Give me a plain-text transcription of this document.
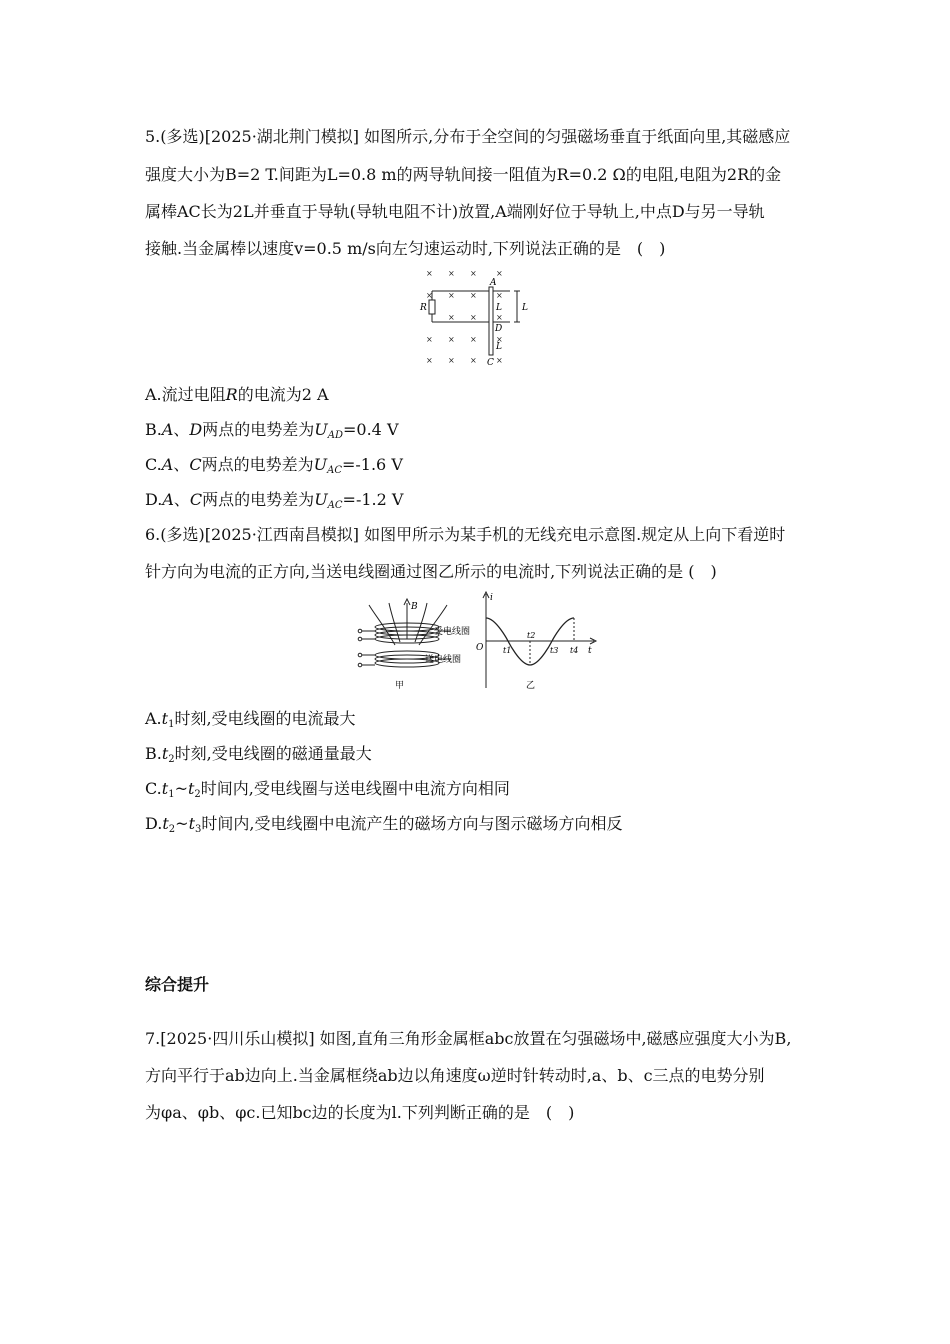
5.(多选)[2025·湖北荆门模拟] 如图所示,分布于全空间的匀强磁场垂直于纸面向里,其磁感应
强度大小为B=2 T.间距为L=0.8 m的两导轨间接一阻值为R=0.2 Ω的电阻,电阻为2R的金
属棒AC长为2L并垂直于导轨(导轨电阻不计)放置,A端刚好位于导轨上,中点D与另一导轨
接触.当金属棒以速度v=0.5 m/s向左匀速运动时,下列说法正确的是　(　)
× × × ×
× ×
×
× ×
× × ×
× × × ×
×
×
×
R
A
D
C
L
L
L
A.流过电阻R的电流为2 A
B.A、D两点的电势差为$U_{AD}=0.4$ V
C.A、C两点的电势差为$U_{AC}=-1.6$ V
D.A、C两点的电势差为$U_{AC}=-1.2$ V
6.(多选)[2025·江西南昌模拟] 如图甲所示为某手机的无线充电示意图.规定从上向下看逆时
针方向为电流的正方向,当送电线圈通过图乙所示的电流时,下列说法正确的是 (　)
B
受电线圈
送电线圈
甲
i
t
O t1
t2
t3 t4
乙
$A.t_1$时刻,受电线圈的电流最大
$B.t_2$时刻,受电线圈的磁通量最大
$C.t_1\sim t_2$时间内,受电线圈与送电线圈中电流方向相同
$D.t_2\sim t_3$时间内,受电线圈中电流产生的磁场方向与图示磁场方向相反
综合提升
7.[2025·四川乐山模拟] 如图,直角三角形金属框abc放置在匀强磁场中,磁感应强度大小为B,
方向平行于ab边向上.当金属框绕ab边以角速度ω逆时针转动时,a、b、c三点的电势分别
为φa、φb、φc.已知bc边的长度为l.下列判断正确的是　(　)
